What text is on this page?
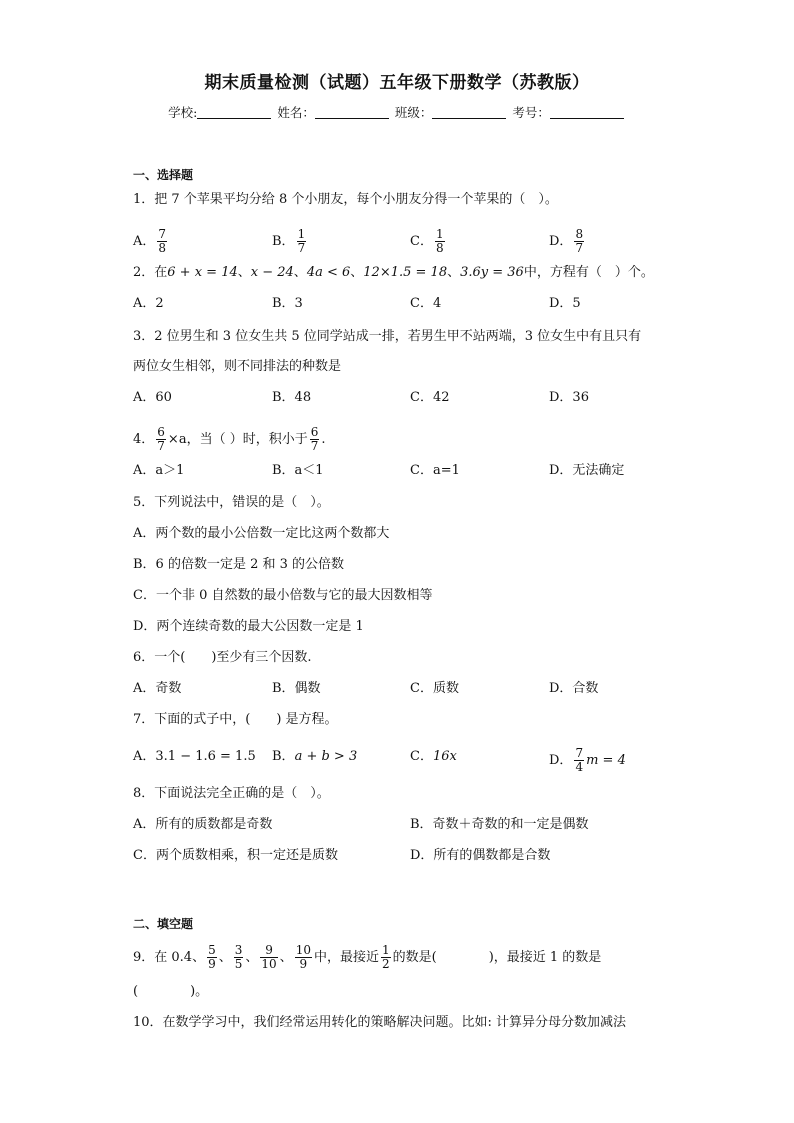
期末质量检测（试题）五年级下册数学（苏教版）
学校:	姓名：	班级：	考号：
一、选择题
1．把 7 个苹果平均分给 8 个小朋友，每个小朋友分得一个苹果的（　）。
A． $\frac{7}{8}$	B． $\frac{1}{7}$	C． $\frac{1}{8}$	D． $\frac{8}{7}$
2．在6 + x = 14、x − 24、4a < 6、12×1.5 = 18、3.6y = 36中，方程有（　）个。
A．2	B．3	C．4	D．5
3．2 位男生和 3 位女生共 5 位同学站成一排，若男生甲不站两端，3 位女生中有且只有
两位女生相邻，则不同排法的种数是
A．60	B．48	C．42	D．36
4． $\frac{6}{7} \times a$，当（ ）时，积小于 $\frac{6}{7}$ .
A．a＞1	B．a＜1	C．a=1	D．无法确定
5．下列说法中，错误的是（　）。
A．两个数的最小公倍数一定比这两个数都大
B．6 的倍数一定是 2 和 3 的公倍数
C．一个非 0 自然数的最小倍数与它的最大因数相等
D．两个连续奇数的最大公因数一定是 1
6．一个(　　)至少有三个因数.
A．奇数	B．偶数	C．质数	D．合数
7．下面的式子中，(　　) 是方程。
A．3.1 − 1.6 = 1.5 B．a + b > 3	C．16x	D． $\frac{7}{4}$ m = 4
8．下面说法完全正确的是（　）。
A．所有的质数都是奇数	B．奇数＋奇数的和一定是偶数
C．两个质数相乘，积一定还是质数	D．所有的偶数都是合数
二、填空题
9．在 0.4、 $\frac{5}{9}$ 、 $\frac{3}{5}$ 、 $\frac{9}{10}$ 、 $\frac{10}{9}$ 中，最接近 $\frac{1}{2}$ 的数是(　　　　)，最接近 1 的数是
(　　　　)。
10．在数学学习中，我们经常运用转化的策略解决问题。比如: 计算异分母分数加减法
